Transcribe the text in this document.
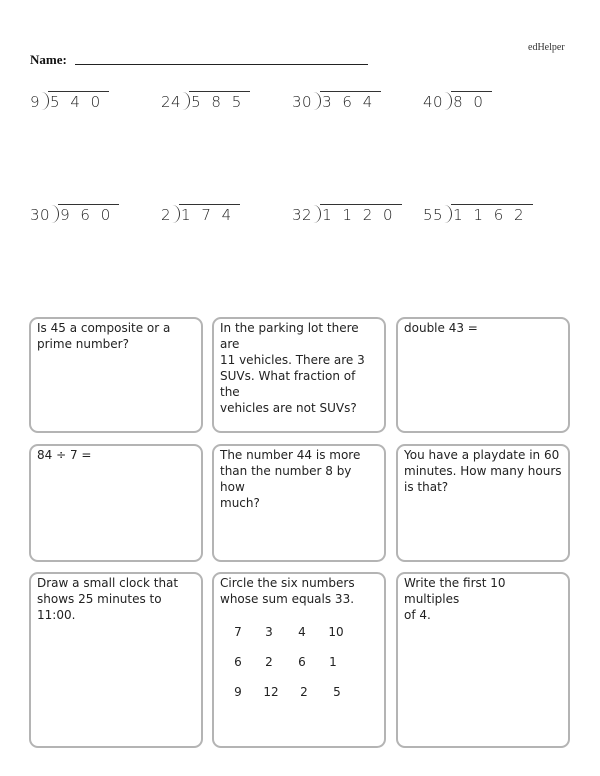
edHelper
Name:
9 5 4 0	24 5 8 5	30 3 6 4	40 8 0
30 9 6 0	2 1 7 4	32 1 1 2 0	55 1 1 6 2
Is 45 a composite or a
prime number?
In the parking lot there are
11 vehicles. There are 3
SUVs. What fraction of the
vehicles are not SUVs?
double 43 =
84 ÷ 7 =	The number 44 is more
than the number 8 by how
much?
You have a playdate in 60
minutes. How many hours
is that?
Draw a small clock that
shows 25 minutes to 11:00.
Circle the six numbers
whose sum equals 33.
7	3	4	10
6	2	6	1
9	12	2	5
Write the first 10 multiples
of 4.
